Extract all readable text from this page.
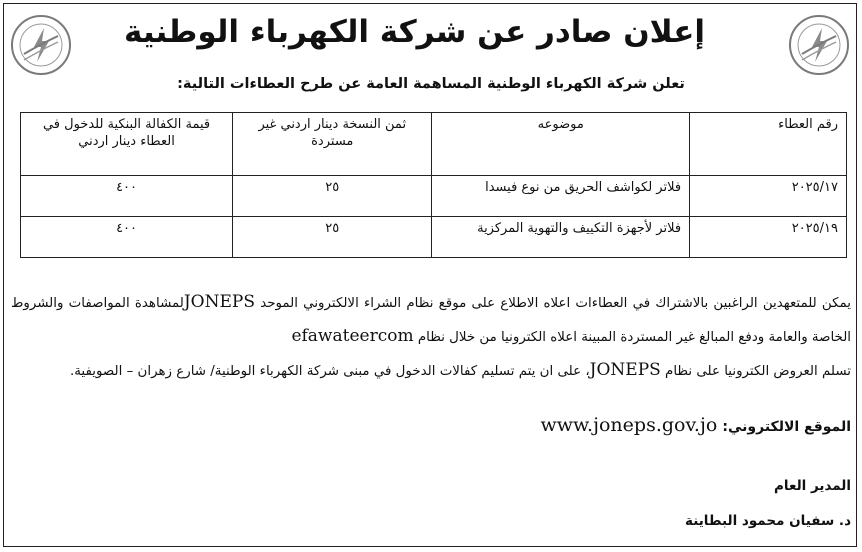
إعلان صادر عن شركة الكهرباء الوطنية
تعلن شركة الكهرباء الوطنية المساهمة العامة عن طرح العطاءات التالية:
رقم العطاء	موضوعه	ثمن النسخة دينار اردني غير مستردة	قيمة الكفالة البنكية للدخول في العطاء دينار اردني
٢٠٢٥/١٧	فلاتر لكواشف الحريق من نوع فيسدا	٢٥	٤٠٠
٢٠٢٥/١٩	فلاتر لأجهزة التكييف والتهوية المركزية	٢٥	٤٠٠

يمكن للمتعهدين الراغبين بالاشتراك في العطاءات اعلاه الاطلاع على موقع نظام الشراء الالكتروني الموحد JONEPSلمشاهدة المواصفات والشروط الخاصة والعامة ودفع المبالغ غير المستردة المبينة اعلاه الكترونيا من خلال نظام efawateercom

تسلم العروض الكترونيا على نظام JONEPS، على ان يتم تسليم كفالات الدخول في مبنى شركة الكهرباء الوطنية/ شارع زهران – الصويفية.

الموقع الالكتروني: www.joneps.gov.jo
المدير العام
د. سفيان محمود البطاينة
